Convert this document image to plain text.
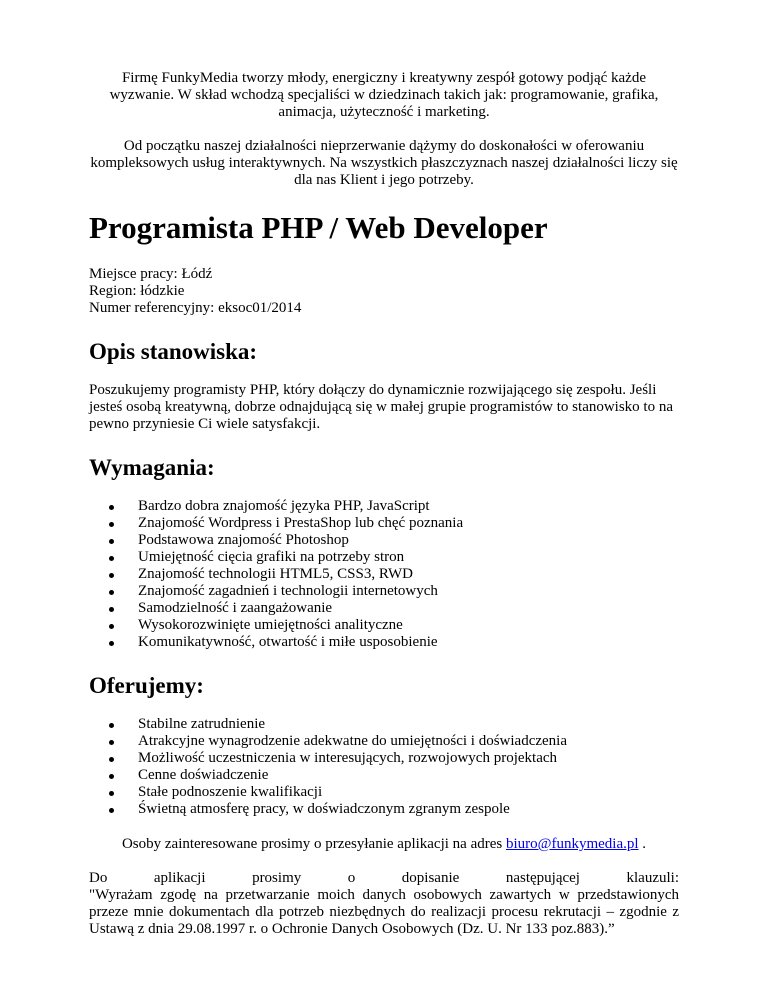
Firmę FunkyMedia tworzy młody, energiczny i kreatywny zespół gotowy podjąć każde wyzwanie. W skład wchodzą specjaliści w dziedzinach takich jak: programowanie, grafika, animacja, użyteczność i marketing.

Od początku naszej działalności nieprzerwanie dążymy do doskonałości w oferowaniu kompleksowych usług interaktywnych. Na wszystkich płaszczyznach naszej działalności liczy się dla nas Klient i jego potrzeby.

Programista PHP / Web Developer

Miejsce pracy: Łódź

Region: łódzkie

Numer referencyjny: eksoc01/2014

Opis stanowiska:

Poszukujemy programisty PHP, który dołączy do dynamicznie rozwijającego się zespołu. Jeśli jesteś osobą kreatywną, dobrze odnajdującą się w małej grupie programistów to stanowisko to na pewno przyniesie Ci wiele satysfakcji.

Wymagania:
Bardzo dobra znajomość języka PHP, JavaScript
Znajomość Wordpress i PrestaShop lub chęć poznania
Podstawowa znajomość Photoshop
Umiejętność cięcia grafiki na potrzeby stron
Znajomość technologii HTML5, CSS3, RWD
Znajomość zagadnień i technologii internetowych
Samodzielność i zaangażowanie
Wysokorozwinięte umiejętności analityczne
Komunikatywność, otwartość i miłe usposobienie
Oferujemy:
Stabilne zatrudnienie
Atrakcyjne wynagrodzenie adekwatne do umiejętności i doświadczenia
Możliwość uczestniczenia w interesujących, rozwojowych projektach
Cenne doświadczenie
Stałe podnoszenie kwalifikacji
Świetną atmosferę pracy, w doświadczonym zgranym zespole

Osoby zainteresowane prosimy o przesyłanie aplikacji na adres biuro@funkymedia.pl .

Do	aplikacji	prosimy	o	dopisanie	następującej	klauzuli:
"Wyrażam zgodę na przetwarzanie moich danych osobowych zawartych w przedstawionych przeze mnie dokumentach dla potrzeb niezbędnych do realizacji procesu rekrutacji – zgodnie z Ustawą z dnia 29.08.1997 r. o Ochronie Danych Osobowych (Dz. U. Nr 133 poz.883).”
